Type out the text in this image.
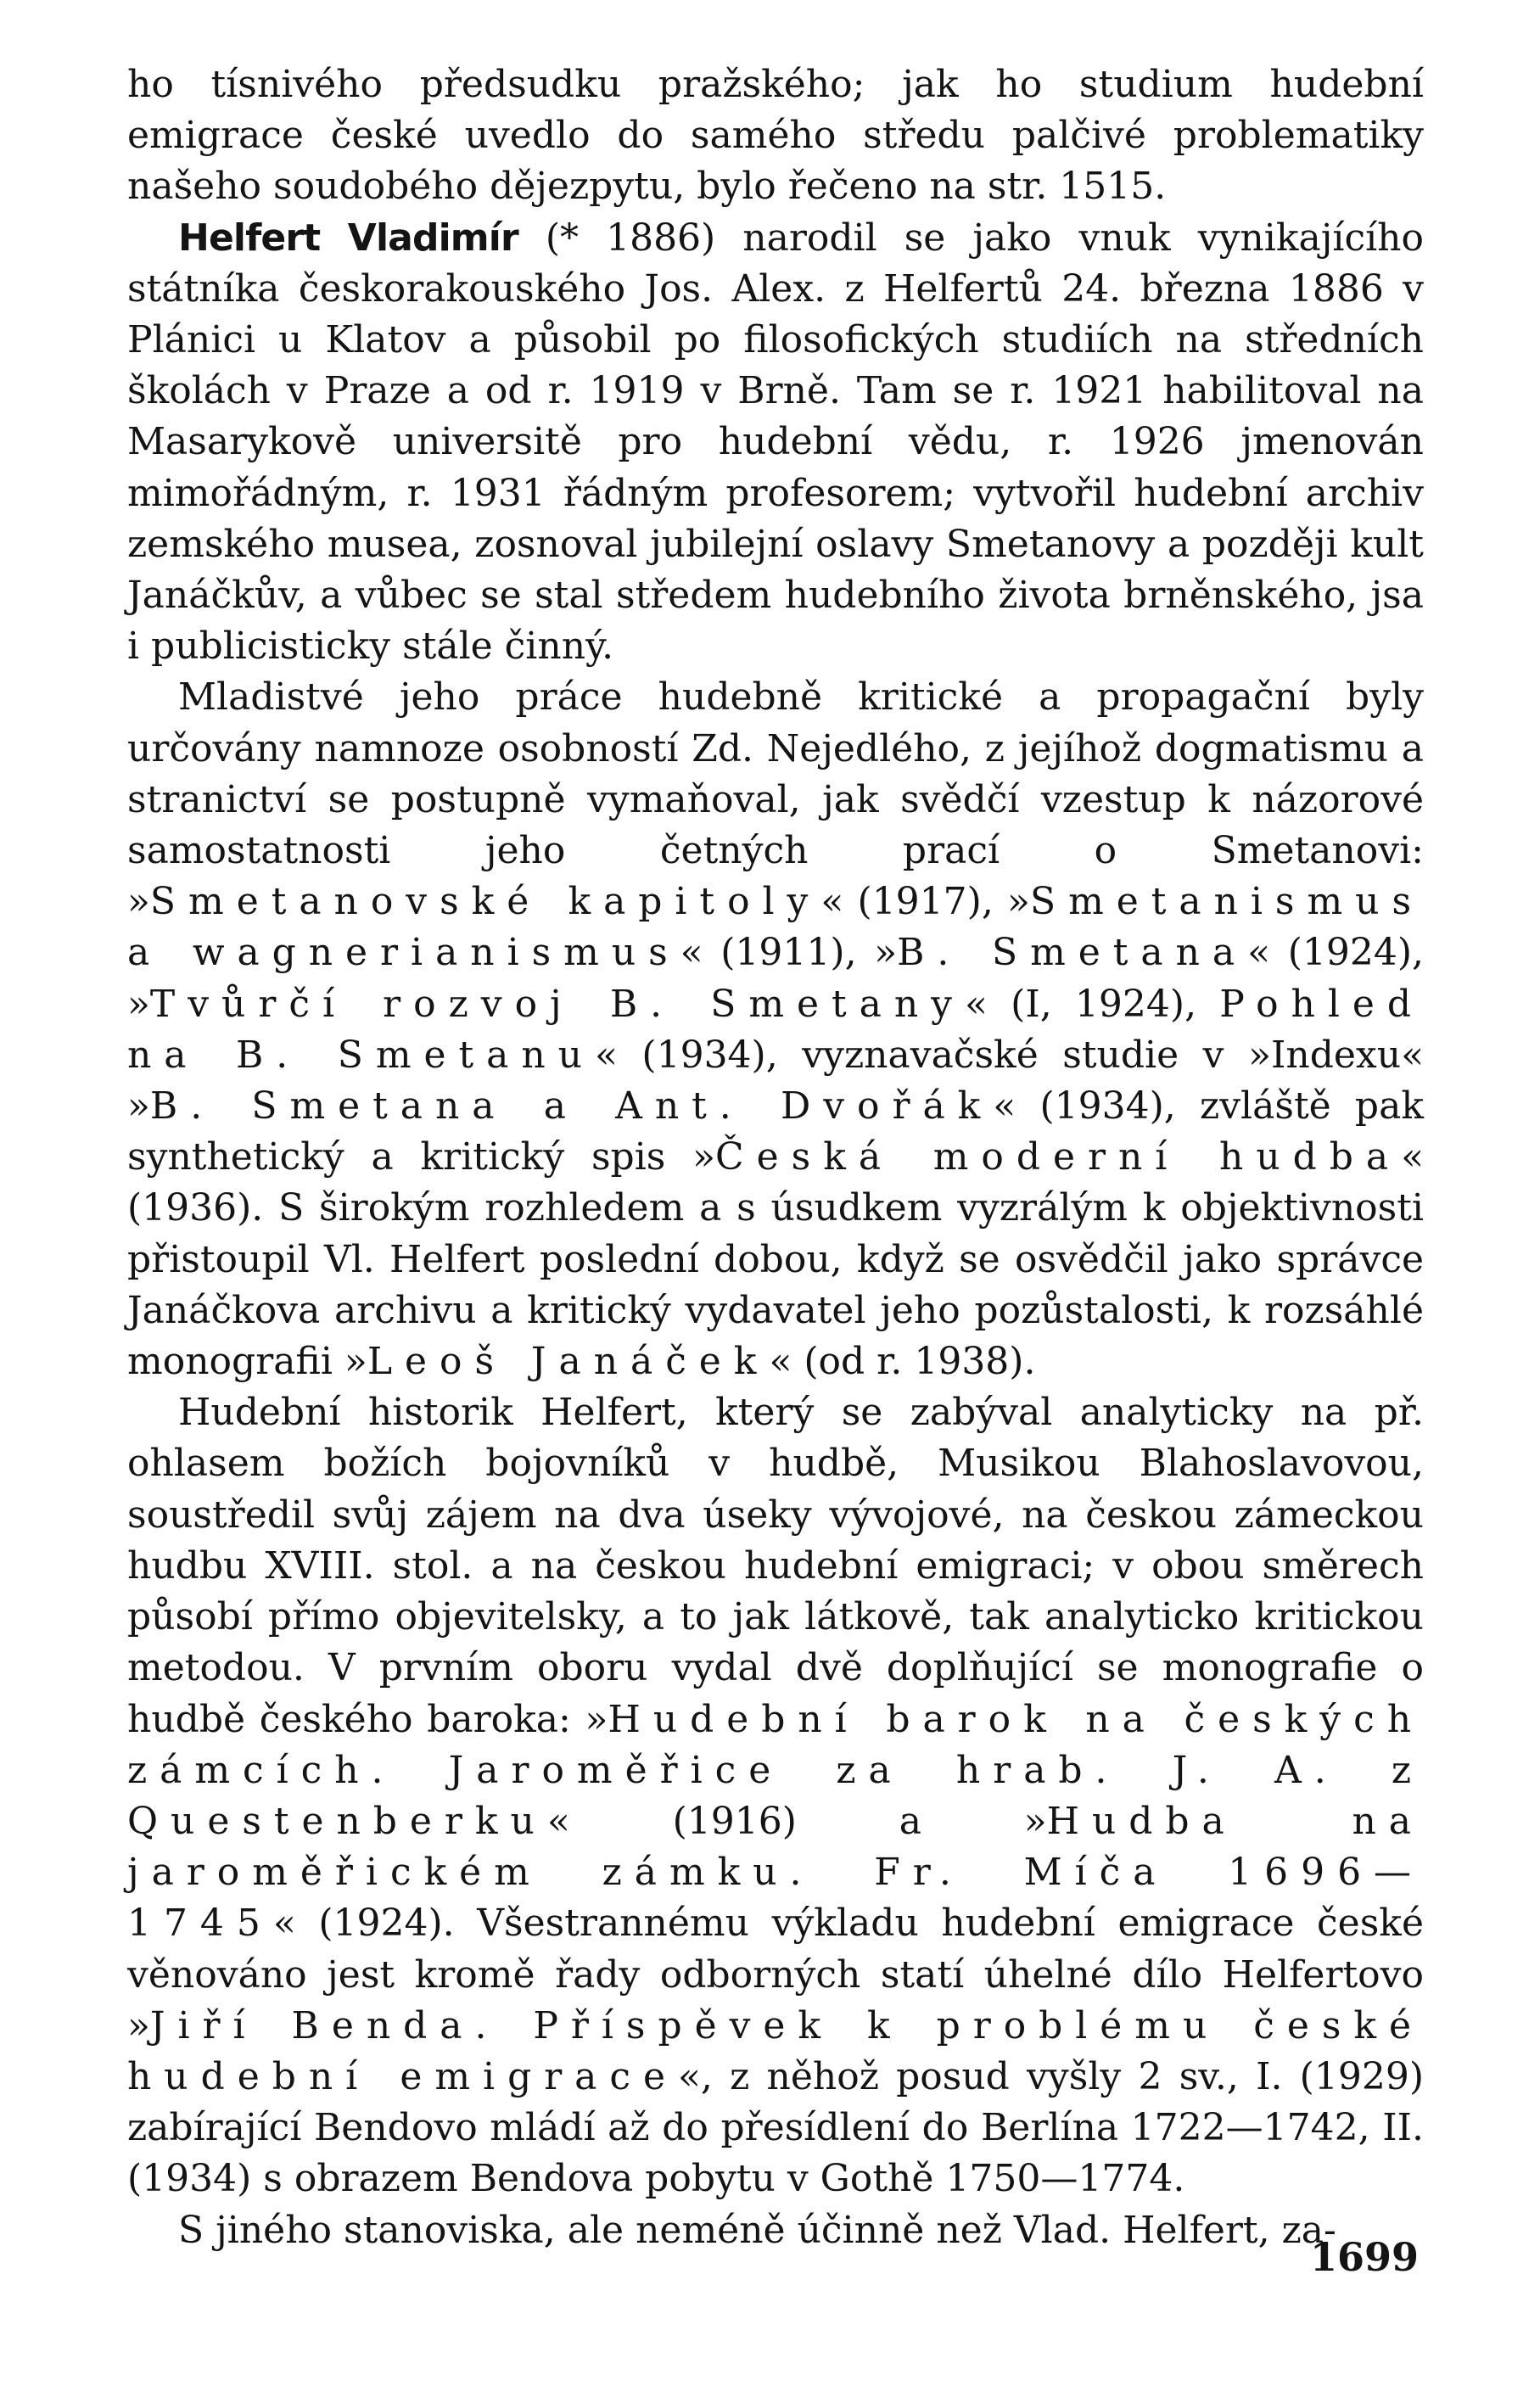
ho tísnivého předsudku pražského; jak ho studium hudební emigrace české uvedlo do samého středu palčivé problematiky našeho soudobého dějezpytu, bylo řečeno na str. 1515.

Helfert Vladimír (* 1886) narodil se jako vnuk vynikajícího státníka českorakouského Jos. Alex. z Helfertů 24. března 1886 v Plánici u Klatov a působil po filosofických studiích na středních školách v Praze a od r. 1919 v Brně. Tam se r. 1921 habilitoval na Masarykově universitě pro hudební vědu, r. 1926 jmenován mimořádným, r. 1931 řádným profesorem; vytvořil hudební archiv zemského musea, zosnoval jubilejní oslavy Smetanovy a později kult Janáčkův, a vůbec se stal středem hudebního života brněnského, jsa i publicisticky stále činný.

Mladistvé jeho práce hudebně kritické a propagační byly určovány namnoze osobností Zd. Nejedlého, z jejíhož dogmatismu a stranictví se postupně vymaňoval, jak svědčí vzestup k názorové samostatnosti jeho četných prací o Smetanovi: »Smetanovské kapitoly« (1917), »Smetanismus a wagnerianismus« (1911), »B. Smetana« (1924), »Tvůrčí rozvoj B. Smetany« (I, 1924), Pohled na B. Smetanu« (1934), vyznavačské studie v »Indexu« »B. Smetana a Ant. Dvořák« (1934), zvláště pak synthetický a kritický spis »Česká moderní hudba« (1936). S širokým rozhledem a s úsudkem vyzrálým k objektivnosti přistoupil Vl. Helfert poslední dobou, když se osvědčil jako správce Janáčkova archivu a kritický vydavatel jeho pozůstalosti, k rozsáhlé monografii »Leoš Janáček« (od r. 1938).

Hudební historik Helfert, který se zabýval analyticky na př. ohlasem božích bojovníků v hudbě, Musikou Blahoslavovou, soustředil svůj zájem na dva úseky vývojové, na českou zámeckou hudbu XVIII. stol. a na českou hudební emigraci; v obou směrech působí přímo objevitelsky, a to jak látkově, tak analyticko kritickou metodou. V prvním oboru vydal dvě doplňující se monografie o hudbě českého baroka: »Hudební barok na českých zámcích. Jaroměřice za hrab. J. A. z Questenberku« (1916) a »Hudba na jaroměřickém zámku. Fr. Míča 1696—1745« (1924). Všestrannému výkladu hudební emigrace české věnováno jest kromě řady odborných statí úhelné dílo Helfertovo »Jiří Benda. Příspěvek k problému české hudební emigrace«, z něhož posud vyšly 2 sv., I. (1929) zabírající Bendovo mládí až do přesídlení do Berlína 1722—1742, II. (1934) s obrazem Bendova pobytu v Gothě 1750—1774.

S jiného stanoviska, ale neméně účinně než Vlad. Helfert, za-

1699
